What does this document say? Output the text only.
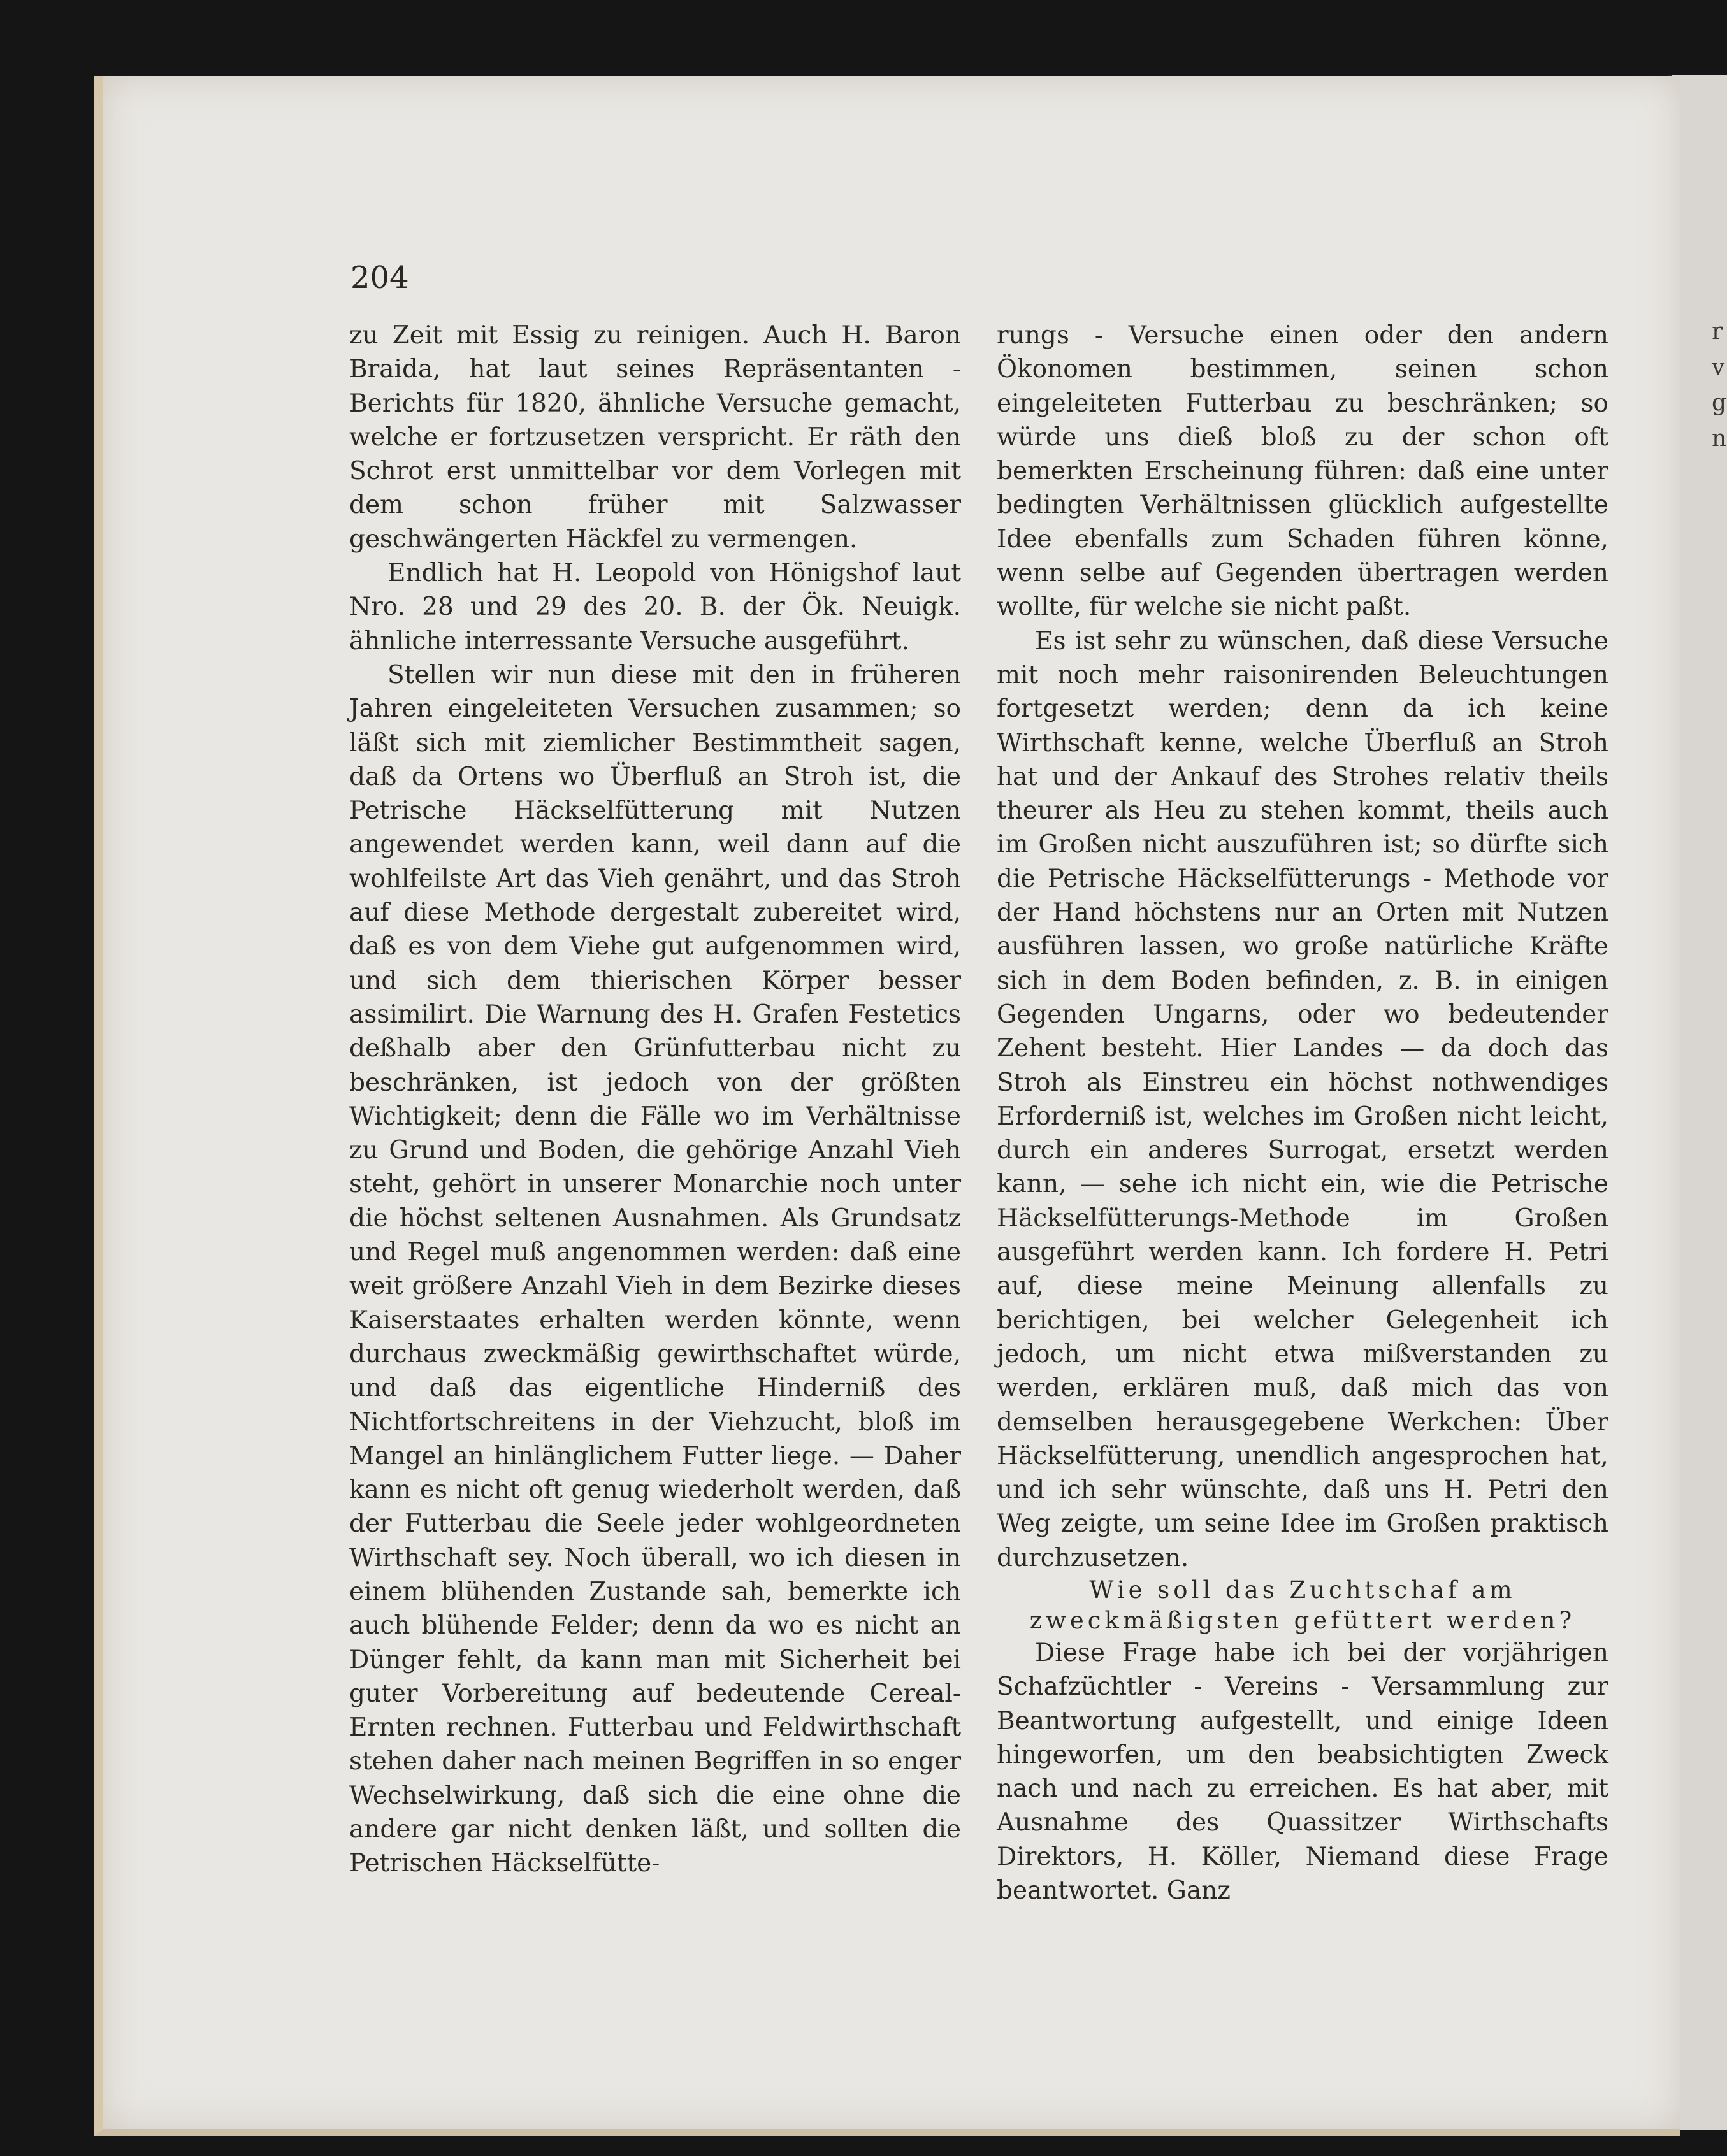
r
v
g
n
204

zu Zeit mit Essig zu reinigen. Auch H. Baron Braida, hat laut seines Repräsentanten - Berichts für 1820, ähnliche Versuche gemacht, welche er fortzusetzen verspricht. Er räth den Schrot erst unmittelbar vor dem Vorlegen mit dem schon früher mit Salzwasser geschwängerten Häckfel zu vermengen.

Endlich hat H. Leopold von Hönigshof laut Nro. 28 und 29 des 20. B. der Ök. Neuigk. ähnliche interressante Versuche ausgeführt.

Stellen wir nun diese mit den in früheren Jahren eingeleiteten Versuchen zusammen; so läßt sich mit ziemlicher Bestimmtheit sagen, daß da Ortens wo Überfluß an Stroh ist, die Petrische Häckselfütterung mit Nutzen angewendet werden kann, weil dann auf die wohlfeilste Art das Vieh genährt, und das Stroh auf diese Methode dergestalt zubereitet wird, daß es von dem Viehe gut aufgenommen wird, und sich dem thierischen Körper besser assimilirt. Die Warnung des H. Grafen Festetics deßhalb aber den Grünfutterbau nicht zu beschränken, ist jedoch von der größten Wichtigkeit; denn die Fälle wo im Verhältnisse zu Grund und Boden, die gehörige Anzahl Vieh steht, gehört in unserer Monarchie noch unter die höchst seltenen Ausnahmen. Als Grundsatz und Regel muß angenommen werden: daß eine weit größere Anzahl Vieh in dem Bezirke dieses Kaiserstaates erhalten werden könnte, wenn durchaus zweckmäßig gewirthschaftet würde, und daß das eigentliche Hinderniß des Nichtfortschreitens in der Viehzucht, bloß im Mangel an hinlänglichem Futter liege. — Daher kann es nicht oft genug wiederholt werden, daß der Futterbau die Seele jeder wohlgeordneten Wirthschaft sey. Noch überall, wo ich diesen in einem blühenden Zustande sah, bemerkte ich auch blühende Felder; denn da wo es nicht an Dünger fehlt, da kann man mit Sicherheit bei guter Vorbereitung auf bedeutende Cereal-Ernten rechnen. Futterbau und Feldwirthschaft stehen daher nach meinen Begriffen in so enger Wechselwirkung, daß sich die eine ohne die andere gar nicht denken läßt, und sollten die Petrischen Häckselfütte-

rungs - Versuche einen oder den andern Ökonomen bestimmen, seinen schon eingeleiteten Futterbau zu beschränken; so würde uns dieß bloß zu der schon oft bemerkten Erscheinung führen: daß eine unter bedingten Verhältnissen glücklich aufgestellte Idee ebenfalls zum Schaden führen könne, wenn selbe auf Gegenden übertragen werden wollte, für welche sie nicht paßt.

Es ist sehr zu wünschen, daß diese Versuche mit noch mehr raisonirenden Beleuchtungen fortgesetzt werden; denn da ich keine Wirthschaft kenne, welche Überfluß an Stroh hat und der Ankauf des Strohes relativ theils theurer als Heu zu stehen kommt, theils auch im Großen nicht auszuführen ist; so dürfte sich die Petrische Häckselfütterungs - Methode vor der Hand höchstens nur an Orten mit Nutzen ausführen lassen, wo große natürliche Kräfte sich in dem Boden befinden, z. B. in einigen Gegenden Ungarns, oder wo bedeutender Zehent besteht. Hier Landes — da doch das Stroh als Einstreu ein höchst nothwendiges Erforderniß ist, welches im Großen nicht leicht, durch ein anderes Surrogat, ersetzt werden kann, — sehe ich nicht ein, wie die Petrische Häckselfütterungs-Methode im Großen ausgeführt werden kann. Ich fordere H. Petri auf, diese meine Meinung allenfalls zu berichtigen, bei welcher Gelegenheit ich jedoch, um nicht etwa mißverstanden zu werden, erklären muß, daß mich das von demselben herausgegebene Werkchen: Über Häckselfütterung, unendlich angesprochen hat, und ich sehr wünschte, daß uns H. Petri den Weg zeigte, um seine Idee im Großen praktisch durchzusetzen.

Wie soll das Zuchtschaf am zweckmäßigsten gefüttert werden?

Diese Frage habe ich bei der vorjährigen Schafzüchtler - Vereins - Versammlung zur Beantwortung aufgestellt, und einige Ideen hingeworfen, um den beabsichtigten Zweck nach und nach zu erreichen. Es hat aber, mit Ausnahme des Quassitzer Wirthschafts Direktors, H. Köller, Niemand diese Frage beantwortet. Ganz
